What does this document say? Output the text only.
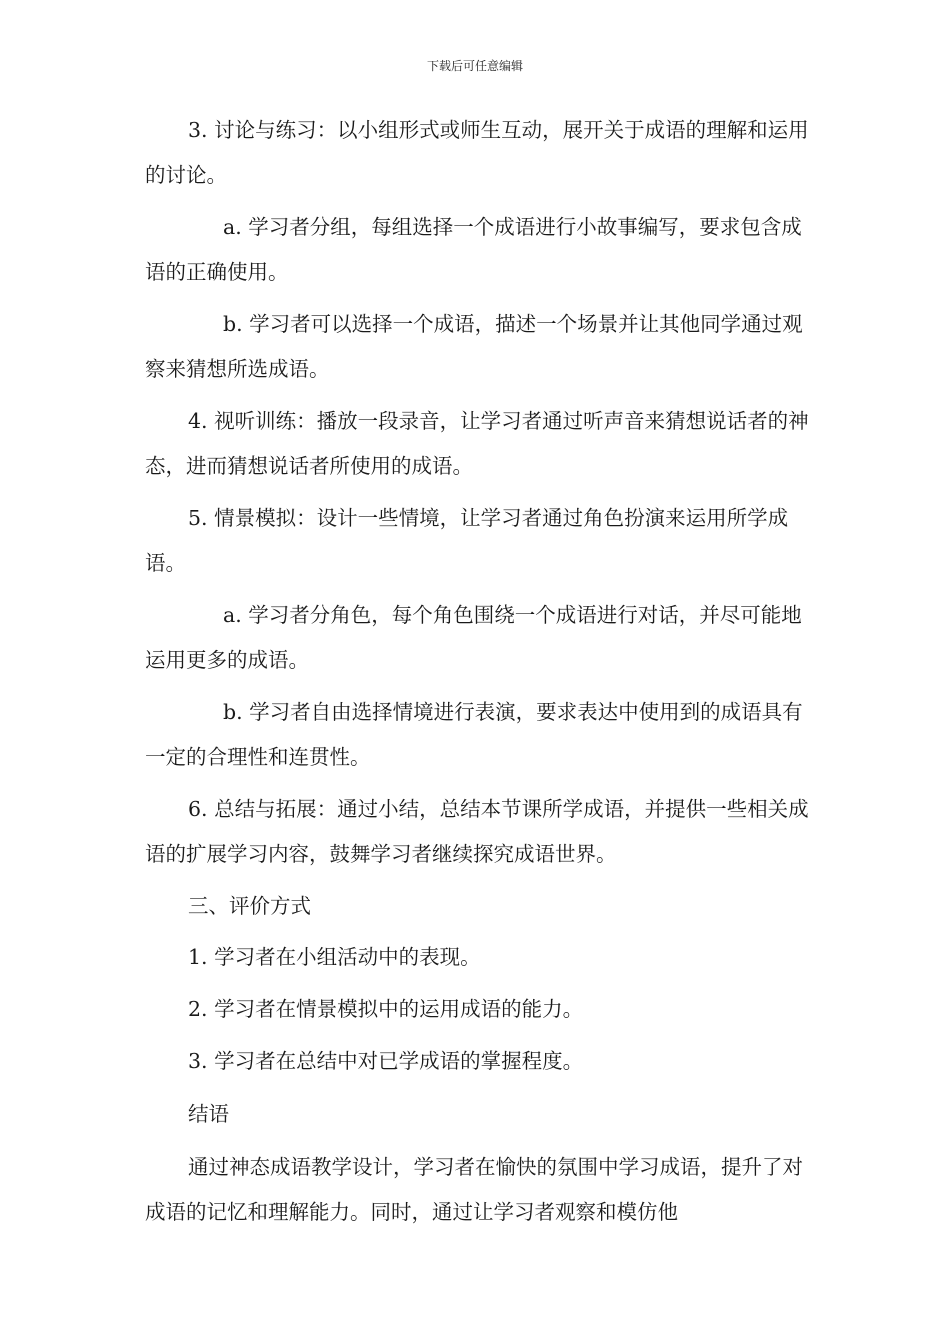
下载后可任意编辑

3. 讨论与练习：以小组形式或师生互动，展开关于成语的理解和运用的讨论。

a. 学习者分组，每组选择一个成语进行小故事编写，要求包含成语的正确使用。

b. 学习者可以选择一个成语，描述一个场景并让其他同学通过观察来猜想所选成语。

4. 视听训练：播放一段录音，让学习者通过听声音来猜想说话者的神态，进而猜想说话者所使用的成语。

5. 情景模拟：设计一些情境，让学习者通过角色扮演来运用所学成语。

a. 学习者分角色，每个角色围绕一个成语进行对话，并尽可能地运用更多的成语。

b. 学习者自由选择情境进行表演，要求表达中使用到的成语具有一定的合理性和连贯性。

6. 总结与拓展：通过小结，总结本节课所学成语，并提供一些相关成语的扩展学习内容，鼓舞学习者继续探究成语世界。

三、评价方式

1. 学习者在小组活动中的表现。

2. 学习者在情景模拟中的运用成语的能力。

3. 学习者在总结中对已学成语的掌握程度。

结语

通过神态成语教学设计，学习者在愉快的氛围中学习成语，提升了对成语的记忆和理解能力。同时，通过让学习者观察和模仿他
